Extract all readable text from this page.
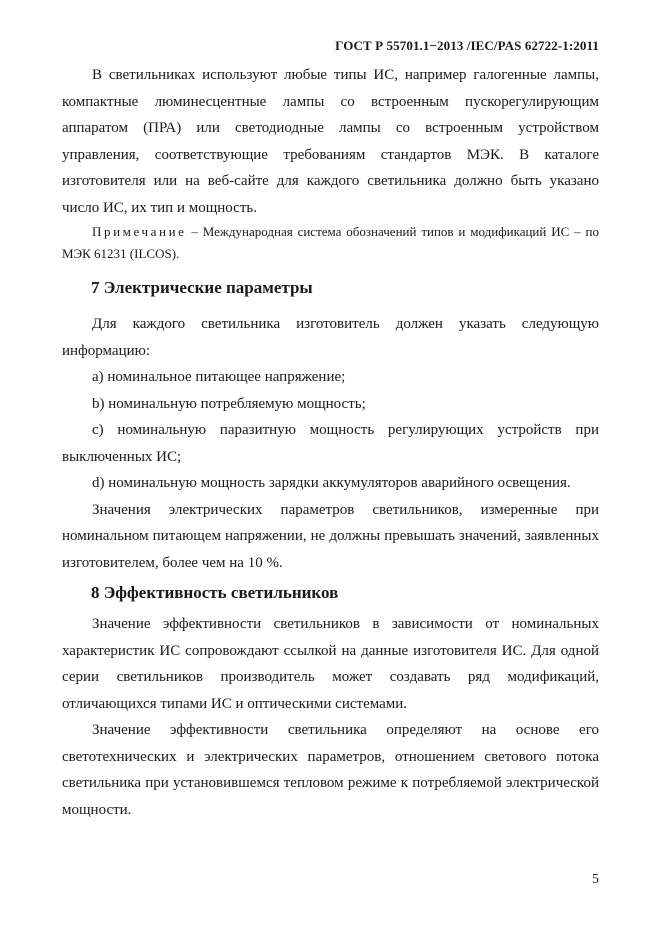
ГОСТ Р 55701.1−2013 /IEC/PAS 62722-1:2011

В светильниках используют любые типы ИС, например галогенные лампы, компактные люминесцентные лампы со встроенным пускорегулирующим аппаратом (ПРА) или светодиодные лампы со встроенным устройством управления, соответствующие требованиям стандартов МЭК. В каталоге изготовителя или на веб-сайте для каждого светильника должно быть указано число ИС, их тип и мощность.

Примечание – Международная система обозначений типов и модификаций ИС – по МЭК 61231 (ILCOS).

7 Электрические параметры

Для каждого светильника изготовитель должен указать следующую информацию:

a) номинальное питающее напряжение;

b) номинальную потребляемую мощность;

c) номинальную паразитную мощность регулирующих устройств при выключенных ИС;

d) номинальную мощность зарядки аккумуляторов аварийного освещения.

Значения электрических параметров светильников, измеренные при номинальном питающем напряжении, не должны превышать значений, заявленных изготовителем, более чем на 10 %.

8 Эффективность светильников

Значение эффективности светильников в зависимости от номинальных характеристик ИС сопровождают ссылкой на данные изготовителя ИС. Для одной серии светильников производитель может создавать ряд модификаций, отличающихся типами ИС и оптическими системами.

Значение эффективности светильника определяют на основе его светотехнических и электрических параметров, отношением светового потока светильника при установившемся тепловом режиме к потребляемой электрической мощности.

5
